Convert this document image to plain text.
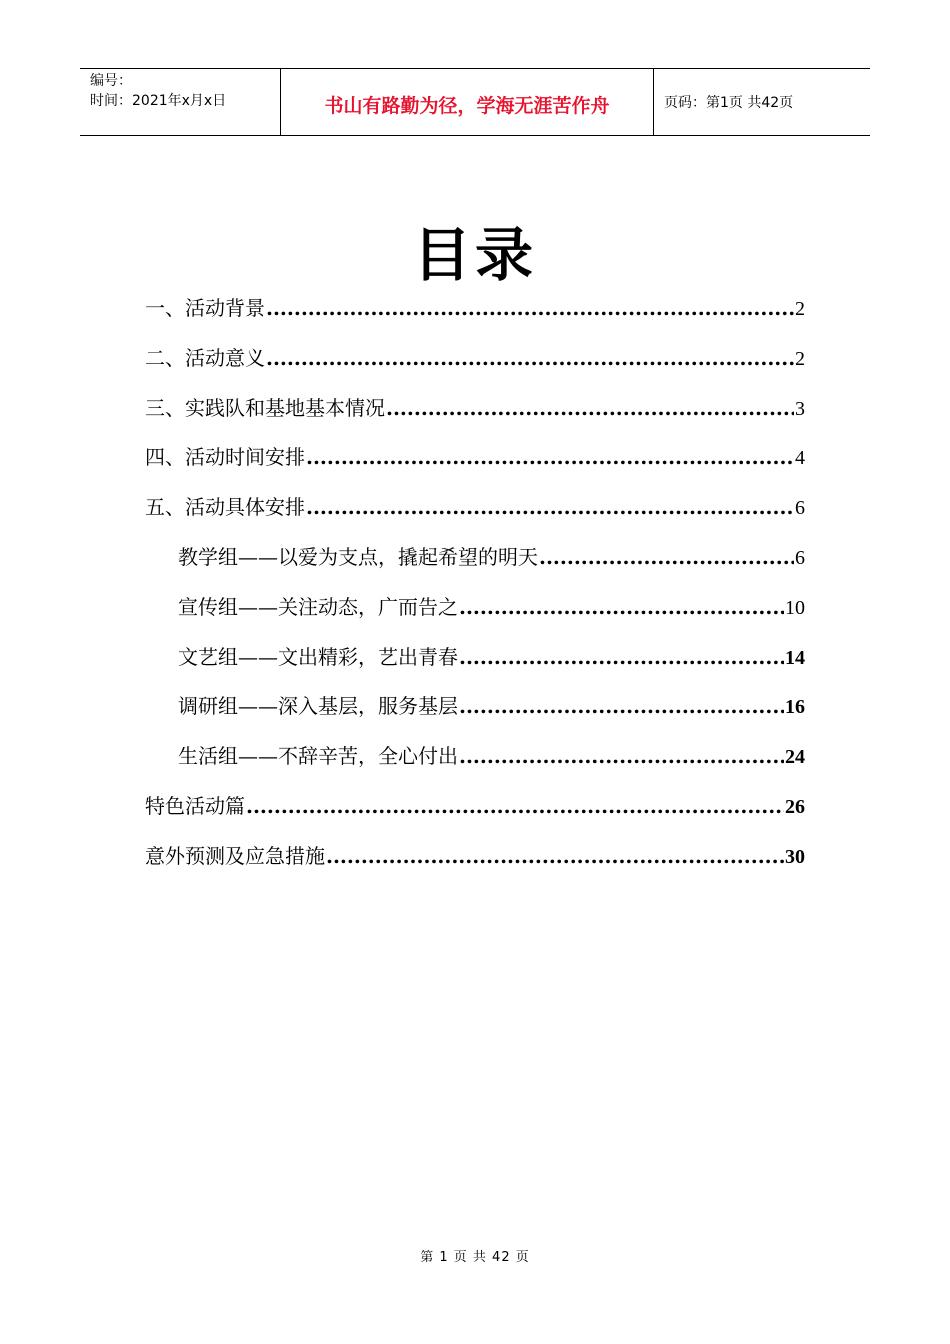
编号：
时间：2021年x月x日	书山有路勤为径，学海无涯苦作舟	页码：第1页 共42页
目录
一、活动背景 .....	2
二、活动意义 .....	2
三、实践队和基地基本情况 .....	3
四、活动时间安排 .....	4
五、活动具体安排 .....	6
教学组——以爱为支点，撬起希望的明天 .....	6
宣传组——关注动态，广而告之 .....	10
文艺组——文出精彩，艺出青春 .....	14
调研组——深入基层，服务基层 .....	16
生活组——不辞辛苦，全心付出 .....	24
特色活动篇 .....	26
意外预测及应急措施 .....	30
第 1 页 共 42 页
